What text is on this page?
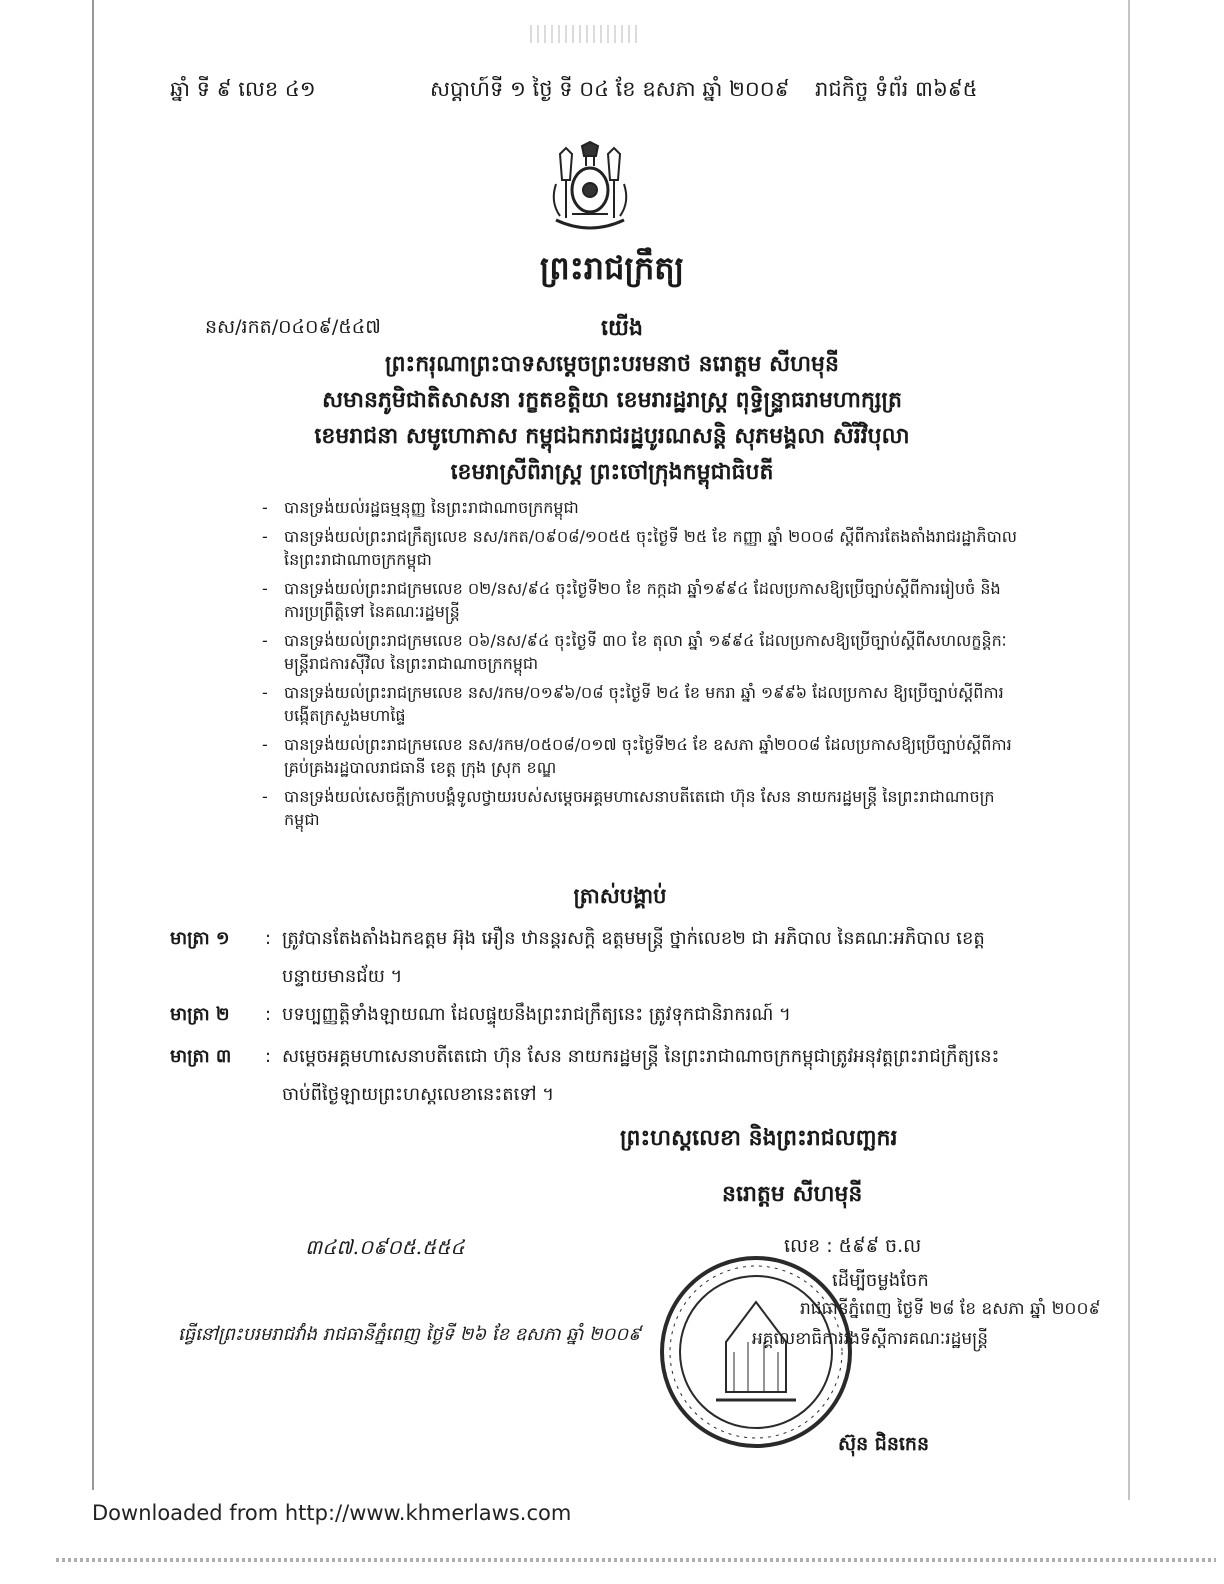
ឆ្នាំ ទី ៩ លេខ ៤១	សប្តាហ៍ទី ១ ថ្ងៃ ទី ០៤ ខែ ឧសភា ឆ្នាំ ២០០៩ រាជកិច្ច ទំព័រ ៣៦៩៥
ព្រះរាជក្រឹត្យ
នស/រកត/០៤០៩/៥៤៧	យើង
ព្រះករុណាព្រះបាទសម្តេចព្រះបរមនាថ នរោត្តម សីហមុនី
សមានភូមិជាតិសាសនា រក្ខតខត្តិយា ខេមរារដ្ឋរាស្ត្រ ពុទ្ធិន្ទ្រាធរាមហាក្សត្រ
ខេមរាជនា សមូហោភាស កម្ពុជឯករាជរដ្ឋបូរណសន្តិ សុភមង្គលា សិរីវិបុលា
ខេមរាស្រីពិរាស្ត្រ ព្រះចៅក្រុងកម្ពុជាធិបតី
- បានទ្រង់យល់រដ្ឋធម្មនុញ្ញ នៃព្រះរាជាណាចក្រកម្ពុជា
- បានទ្រង់យល់ព្រះរាជក្រឹត្យលេខ នស/រកត/០៩០៨/១០៥៥ ចុះថ្ងៃទី ២៥ ខែ កញ្ញា ឆ្នាំ ២០០៨ ស្តីពីការតែងតាំងរាជរដ្ឋាភិបាលនៃព្រះរាជាណាចក្រកម្ពុជា
- បានទ្រង់យល់ព្រះរាជក្រមលេខ ០២/នស/៩៤ ចុះថ្ងៃទី២០ ខែ កក្កដា ឆ្នាំ១៩៩៤ ដែលប្រកាសឱ្យប្រើច្បាប់ស្តីពីការរៀបចំ និង ការប្រព្រឹត្តិទៅ នៃគណៈរដ្ឋមន្ត្រី
- បានទ្រង់យល់ព្រះរាជក្រមលេខ ០៦/នស/៩៤ ចុះថ្ងៃទី ៣០ ខែ តុលា ឆ្នាំ ១៩៩៤ ដែលប្រកាសឱ្យប្រើច្បាប់ស្តីពីសហលក្ខន្តិកៈមន្ត្រីរាជការស៊ីវិល នៃព្រះរាជាណាចក្រកម្ពុជា
- បានទ្រង់យល់ព្រះរាជក្រមលេខ នស/រកម/០១៩៦/០៨ ចុះថ្ងៃទី ២៤ ខែ មករា ឆ្នាំ ១៩៩៦ ដែលប្រកាស ឱ្យប្រើច្បាប់ស្តីពីការបង្កើតក្រសួងមហាផ្ទៃ
- បានទ្រង់យល់ព្រះរាជក្រមលេខ នស/រកម/០៥០៨/០១៧ ចុះថ្ងៃទី២៤ ខែ ឧសភា ឆ្នាំ២០០៨ ដែលប្រកាសឱ្យប្រើច្បាប់ស្តីពីការគ្រប់គ្រងរដ្ឋបាលរាជធានី ខេត្ត ក្រុង ស្រុក ខណ្ឌ
- បានទ្រង់យល់សេចក្តីក្រាបបង្គំទូលថ្វាយរបស់សម្តេចអគ្គមហាសេនាបតីតេជោ ហ៊ុន សែន នាយករដ្ឋមន្ត្រី នៃព្រះរាជាណាចក្រកម្ពុជា
ត្រាស់បង្គាប់
មាត្រា ១ : ត្រូវបានតែងតាំងឯកឧត្តម អ៊ុង អឿន ឋានន្តរសក្តិ ឧត្តមមន្ត្រី ថ្នាក់លេខ២ ជា អភិបាល នៃគណៈអភិបាល ខេត្តបន្ទាយមានជ័យ ។
មាត្រា ២ : បទប្បញ្ញត្តិទាំងឡាយណា ដែលផ្ទុយនឹងព្រះរាជក្រឹត្យនេះ ត្រូវទុកជានិរាករណ៍ ។
មាត្រា ៣ : សម្តេចអគ្គមហាសេនាបតីតេជោ ហ៊ុន សែន នាយករដ្ឋមន្ត្រី នៃព្រះរាជាណាចក្រកម្ពុជាត្រូវអនុវត្តព្រះរាជក្រឹត្យនេះ ចាប់ពីថ្ងៃឡាយព្រះហស្តលេខានេះតទៅ ។
ព្រះហស្តលេខា និងព្រះរាជលញ្ឆករ
នរោត្តម សីហមុនី
៣៤៧.០៩០៥.៥៥៤	លេខ : ៥៩៩ ច.ល
ដើម្បីចម្លងចែក
រាជធានីភ្នំពេញ ថ្ងៃទី ២៨ ខែ ឧសភា ឆ្នាំ ២០០៩
ធ្វើនៅព្រះបរមរាជវាំង រាជធានីភ្នំពេញ ថ្ងៃទី ២៦ ខែ ឧសភា ឆ្នាំ ២០០៩	អគ្គលេខាធិការរងទីស្តីការគណៈរដ្ឋមន្ត្រី
ស៊ុន ជិនកេន
Downloaded from http://www.khmerlaws.com
